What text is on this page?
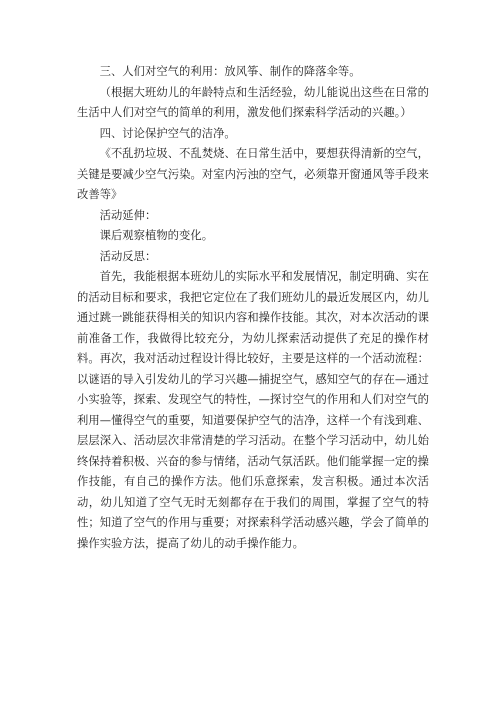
三、人们对空气的利用：放风筝、制作的降落伞等。

（根据大班幼儿的年龄特点和生活经验，幼儿能说出这些在日常的生活中人们对空气的简单的利用，激发他们探索科学活动的兴趣。）

四、讨论保护空气的洁净。

《不乱扔垃圾、不乱焚烧、在日常生活中，要想获得清新的空气，关键是要减少空气污染。对室内污浊的空气，必须靠开窗通风等手段来改善等》

活动延伸：

课后观察植物的变化。

活动反思：

首先，我能根据本班幼儿的实际水平和发展情况，制定明确、实在的活动目标和要求，我把它定位在了我们班幼儿的最近发展区内，幼儿通过跳一跳能获得相关的知识内容和操作技能。其次，对本次活动的课前准备工作，我做得比较充分，为幼儿探索活动提供了充足的操作材料。再次，我对活动过程设计得比较好，主要是这样的一个活动流程：以谜语的导入引发幼儿的学习兴趣—捕捉空气，感知空气的存在—通过小实验等，探索、发现空气的特性，—探讨空气的作用和人们对空气的利用—懂得空气的重要，知道要保护空气的洁净，这样一个有浅到难、层层深入、活动层次非常清楚的学习活动。在整个学习活动中，幼儿始终保持着积极、兴奋的参与情绪，活动气氛活跃。他们能掌握一定的操作技能，有自己的操作方法。他们乐意探索，发言积极。通过本次活动，幼儿知道了空气无时无刻都存在于我们的周围，掌握了空气的特性；知道了空气的作用与重要；对探索科学活动感兴趣，学会了简单的操作实验方法，提高了幼儿的动手操作能力。
